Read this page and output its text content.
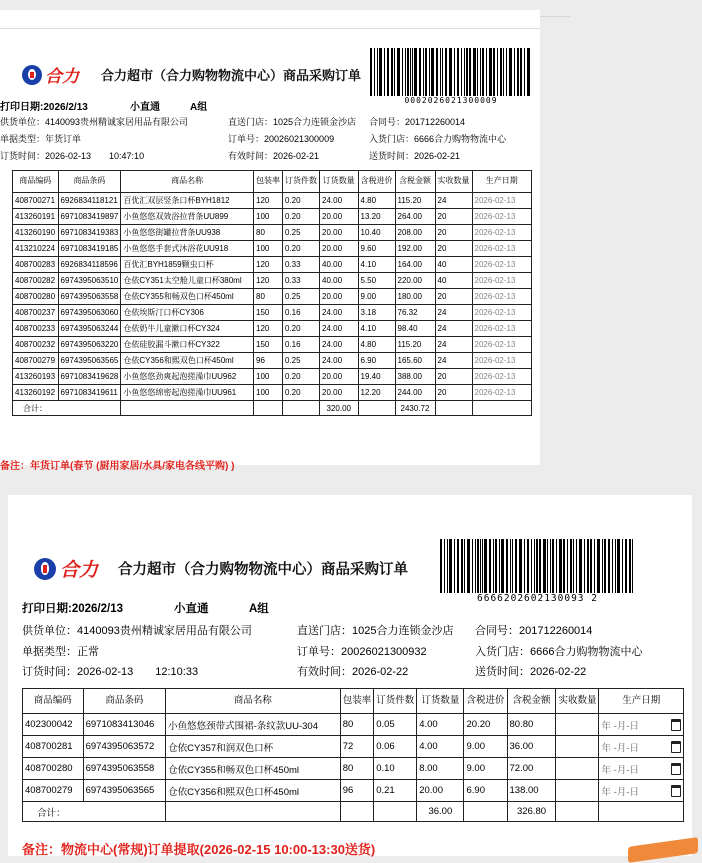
合力 合力超市（合力购物物流中心）商品采购订单
0002026021300009
打印日期:2026/2/13	小直通	A组
供货单位：4140093贵州精诚家居用品有限公司	直送门店：1025合力连锁金沙店 合同号：201712260014
单据类型：年货订单	订单号：20026021300009	入货门店：6666合力购物物流中心
订货时间：2026-02-13　　10:47:10	有效时间：2026-02-21	送货时间：2026-02-21
商品编码	商品条码	商品名称	包装率	订货件数	订货数量	含税进价	含税金额	实收数量	生产日期
408700271	6926834118121	百优汇双层竖条口杯BYH1812	120	0.20	24.00	4.80	115.20	24	2026-02-13
413260191	6971083419897	小鱼悠悠双效浴拉背条UU899	100	0.20	20.00	13.20	264.00	20	2026-02-13
413260190	6971083419383	小鱼悠悠街罐拉背条UU938	80	0.25	20.00	10.40	208.00	20	2026-02-13
413210224	6971083419185	小鱼悠悠手套式沐浴花UU918	100	0.20	20.00	9.60	192.00	20	2026-02-13
408700283	6926834118596	百优汇BYH1859颗虫口杯	120	0.33	40.00	4.10	164.00	40	2026-02-13
408700282	6974395063510	仓依CY351太空舱儿童口杯380ml	120	0.33	40.00	5.50	220.00	40	2026-02-13
408700280	6974395063558	仓依CY355和畅双色口杯450ml	80	0.25	20.00	9.00	180.00	20	2026-02-13
408700237	6974395063060	仓依埃斯汀口杯CY306	150	0.16	24.00	3.18	76.32	24	2026-02-13
408700233	6974395063244	仓依奶牛儿童漱口杯CY324	120	0.20	24.00	4.10	98.40	24	2026-02-13
408700232	6974395063220	仓依硅胶漏斗漱口杯CY322	150	0.16	24.00	4.80	115.20	24	2026-02-13
408700279	6974395063565	仓依CY356和熙双色口杯450ml	96	0.25	24.00	6.90	165.60	24	2026-02-13
413260193	6971083419628	小鱼悠悠劲爽起泡搓澡巾UU962	100	0.20	20.00	19.40	388.00	20	2026-02-13
413260192	6971083419611	小鱼悠悠绵密起泡搓澡巾UU961	100	0.20	20.00	12.20	244.00	20	2026-02-13
合计：					320.00		2430.72		
备注：年货订单(春节 (厨用家居/水具/家电各线平购) )
合力 合力超市（合力购物物流中心）商品采购订单
6666202602130093 2
打印日期:2026/2/13	小直通	A组
供货单位：4140093贵州精诚家居用品有限公司	直送门店：1025合力连锁金沙店 合同号：201712260014
单据类型：正常	订单号：20026021300932	入货门店：6666合力购物物流中心
订货时间：2026-02-13　　12:10:33	有效时间：2026-02-22	送货时间：2026-02-22
商品编码	商品条码	商品名称	包装率	订货件数	订货数量	含税进价	含税金额	实收数量	生产日期
402300042	6971083413046	小鱼悠悠颈带式围裙-条纹款UU-304	80	0.05	4.00	20.20	80.80		年 -月-日

408700281	6974395063572	仓依CY357和润双色口杯	72	0.06	4.00	9.00	36.00		年 -月-日

408700280	6974395063558	仓依CY355和畅双色口杯450ml	80	0.10	8.00	9.00	72.00		年 -月-日

408700279	6974395063565	仓依CY356和熙双色口杯450ml	96	0.21	20.00	6.90	138.00		年 -月-日

合计：					36.00		326.80		
备注：物流中心(常规)订单提取(2026-02-15 10:00-13:30送货)
